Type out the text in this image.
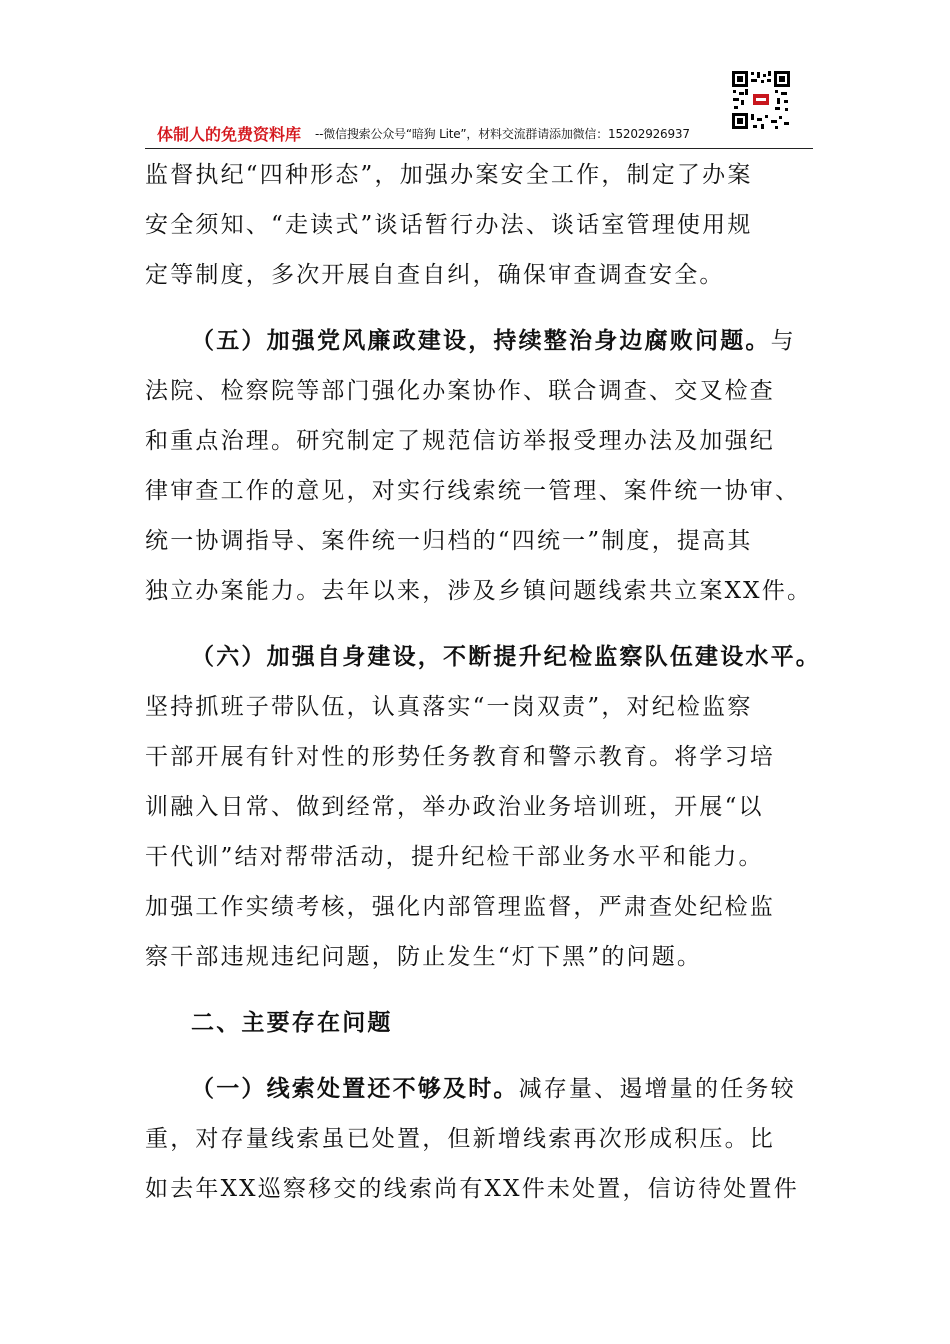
体制人的免费资料库 --微信搜索公众号“暗狗 Lite”，材料交流群请添加微信：15202926937
监督执纪“四种形态”，加强办案安全工作，制定了办案
安全须知、“走读式”谈话暂行办法、谈话室管理使用规
定等制度，多次开展自查自纠，确保审查调查安全。
（五）加强党风廉政建设，持续整治身边腐败问题。与
法院、检察院等部门强化办案协作、联合调查、交叉检查
和重点治理。研究制定了规范信访举报受理办法及加强纪
律审查工作的意见，对实行线索统一管理、案件统一协审、
统一协调指导、案件统一归档的“四统一”制度，提高其
独立办案能力。去年以来，涉及乡镇问题线索共立案XX件。
（六）加强自身建设，不断提升纪检监察队伍建设水平。
坚持抓班子带队伍，认真落实“一岗双责”，对纪检监察
干部开展有针对性的形势任务教育和警示教育。将学习培
训融入日常、做到经常，举办政治业务培训班，开展“以
干代训”结对帮带活动，提升纪检干部业务水平和能力。
加强工作实绩考核，强化内部管理监督，严肃查处纪检监
察干部违规违纪问题，防止发生“灯下黑”的问题。
二、主要存在问题
（一）线索处置还不够及时。减存量、遏增量的任务较
重，对存量线索虽已处置，但新增线索再次形成积压。比
如去年XX巡察移交的线索尚有XX件未处置，信访待处置件
